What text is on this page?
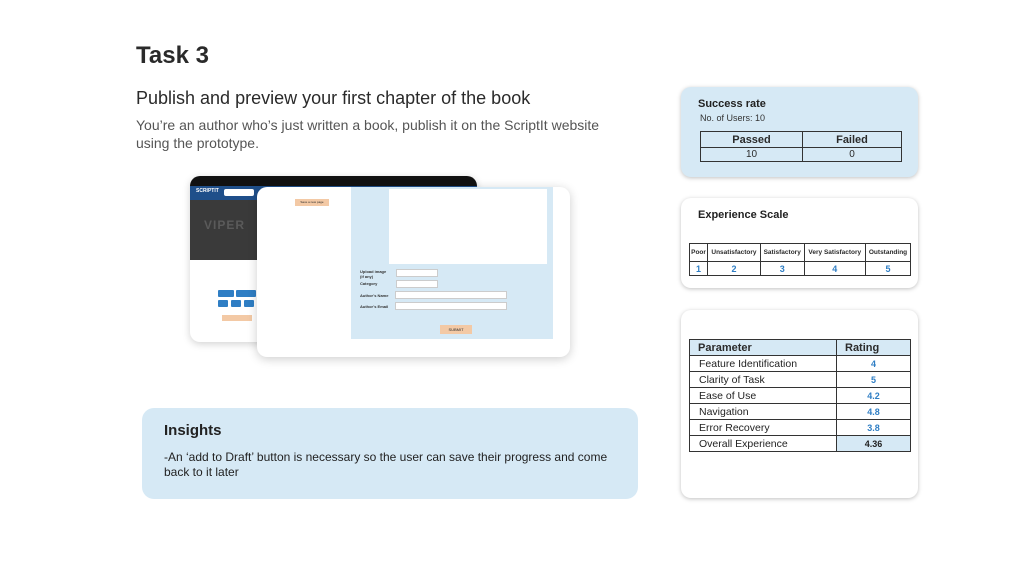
Task 3
Publish and preview your first chapter of the book
You’re an author who’s just written a book, publish it on the ScriptIt website using the prototype.
SCRIPTIT
VIPER
Save a new page
Upload image (if any)
Category
Author’s Name
Author’s Email
SUBMIT
Insights
-An ‘add to Draft’ button is necessary so the user can save their progress and come back to it later
Success rate
No. of Users: 10
Passed	Failed
10	0
Experience Scale
Poor	Unsatisfactory	Satisfactory	Very Satisfactory	Outstanding
1	2	3	4	5
Parameter	Rating
Feature Identification	4
Clarity of Task	5
Ease of Use	4.2
Navigation	4.8
Error Recovery	3.8
Overall Experience	4.36
